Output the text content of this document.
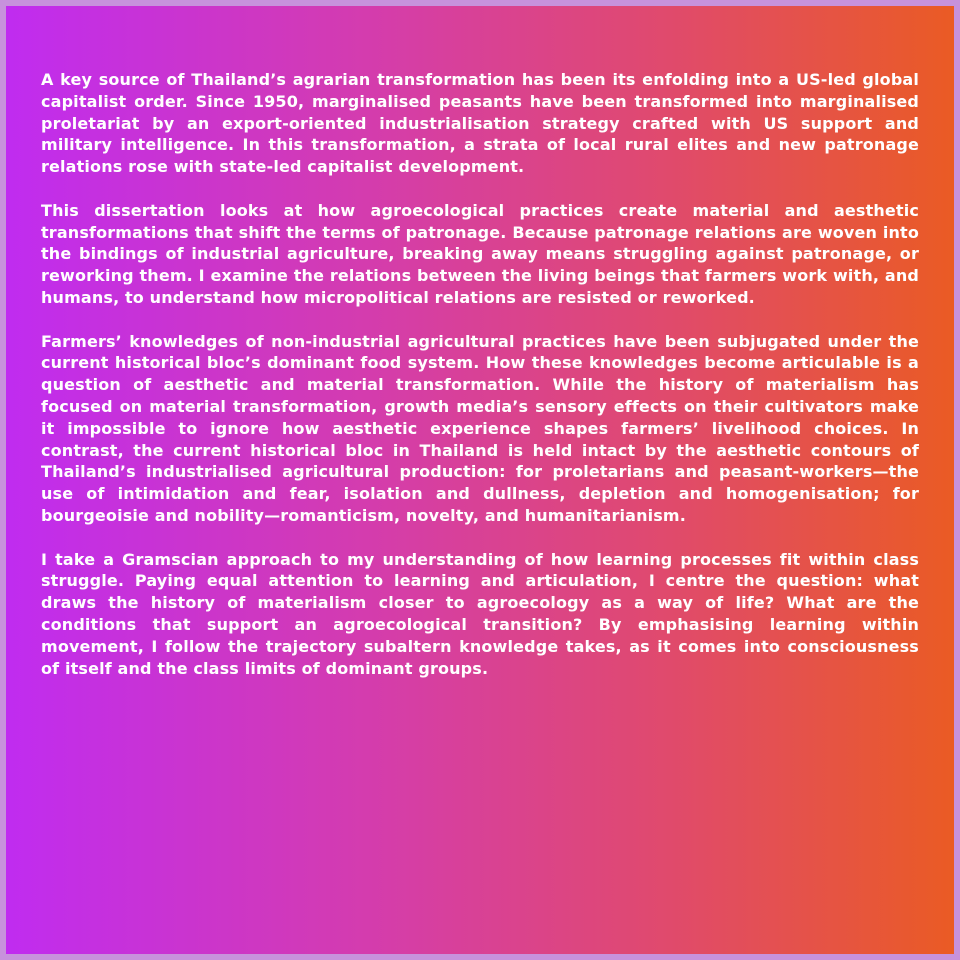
A key source of Thailand’s agrarian transformation has been its enfolding into a US-led global capitalist order. Since 1950, marginalised peasants have been transformed into marginalised proletariat by an export-oriented industrialisation strategy crafted with US support and military intelligence. In this transformation, a strata of local rural elites and new patronage relations rose with state-led capitalist development.

This dissertation looks at how agroecological practices create material and aesthetic transformations that shift the terms of patronage. Because patronage relations are woven into the bindings of industrial agriculture, breaking away means struggling against patronage, or reworking them. I examine the relations between the living beings that farmers work with, and humans, to understand how micropolitical relations are resisted or reworked.

Farmers’ knowledges of non-industrial agricultural practices have been subjugated under the current historical bloc’s dominant food system. How these knowledges become articulable is a question of aesthetic and material transformation. While the history of materialism has focused on material transformation, growth media’s sensory effects on their cultivators make it impossible to ignore how aesthetic experience shapes farmers’ livelihood choices. In contrast, the current historical bloc in Thailand is held intact by the aesthetic contours of Thailand’s industrialised agricultural production: for proletarians and peasant-workers—the use of intimidation and fear, isolation and dullness, depletion and homogenisation; for bourgeoisie and nobility—romanticism, novelty, and humanitarianism.

I take a Gramscian approach to my understanding of how learning processes fit within class struggle. Paying equal attention to learning and articulation, I centre the question: what draws the history of materialism closer to agroecology as a way of life? What are the conditions that support an agroecological transition? By emphasising learning within movement, I follow the trajectory subaltern knowledge takes, as it comes into consciousness of itself and the class limits of dominant groups.
